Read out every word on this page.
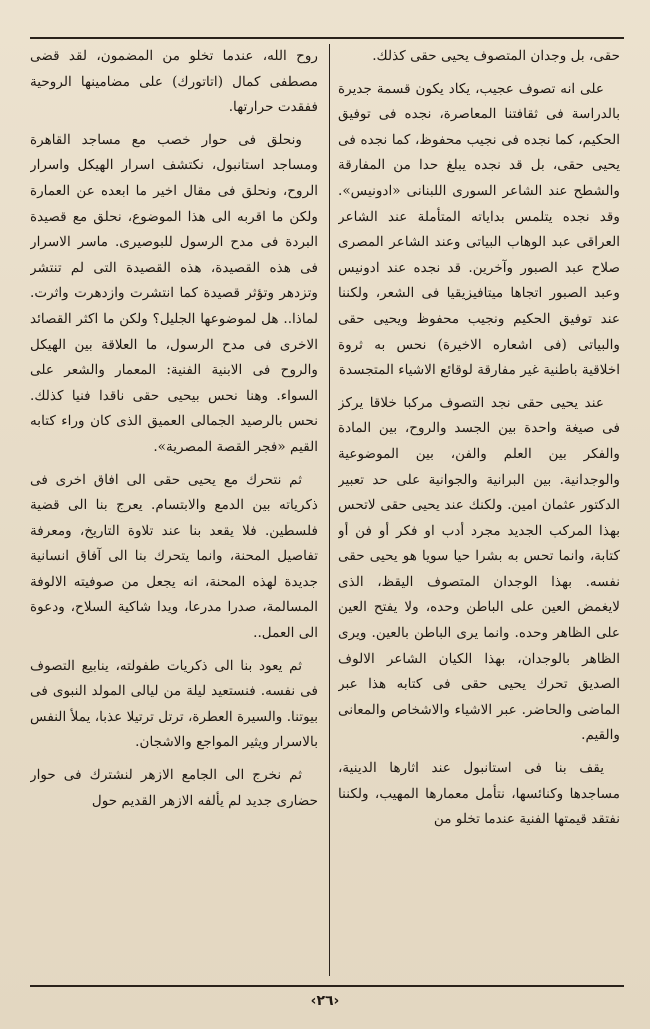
حقى، بل وجدان المتصوف يحيى حقى كذلك.

على انه تصوف عجيب، يكاد يكون قسمة جديرة بالدراسة فى ثقافتنا المعاصرة، نجده فى توفيق الحكيم، كما نجده فى نجيب محفوظ، كما نجده فى يحيى حقى، بل قد نجده يبلغ حدا من المفارقة والشطح عند الشاعر السورى اللبنانى «ادونيس». وقد نجده يتلمس بداياته المتأملة عند الشاعر العراقى عبد الوهاب البياتى وعند الشاعر المصرى صلاح عبد الصبور وآخرين. قد نجده عند ادونيس وعبد الصبور اتجاها ميتافيزيقيا فى الشعر، ولكننا عند توفيق الحكيم ونجيب محفوظ ويحيى حقى والبياتى (فى اشعاره الاخيرة) نحس به ثروة اخلاقية باطنية غير مفارقة لوقائع الاشياء المتجسدة

عند يحيى حقى نجد التصوف مركبا خلاقا يركز فى صيغة واحدة بين الجسد والروح، بين المادة والفكر بين العلم والفن، بين الموضوعية والوجدانية. بين البرانية والجوانية على حد تعبير الدكتور عثمان امين. ولكنك عند يحيى حقى لاتحس بهذا المركب الجديد مجرد أدب او فكر أو فن أو كتابة، وانما تحس به بشرا حيا سويا هو يحيى حقى نفسه. بهذا الوجدان المتصوف اليقظ، الذى لايغمض العين على الباطن وحده، ولا يفتح العين على الظاهر وحده. وانما يرى الباطن بالعين. ويرى الظاهر بالوجدان، بهذا الكيان الشاعر الالوف الصديق تحرك يحيى حقى فى كتابه هذا عبر الماضى والحاضر. عبر الاشياء والاشخاص والمعانى والقيم.

يقف بنا فى استانبول عند اثارها الدينية، مساجدها وكنائسها، نتأمل معمارها المهيب، ولكننا نفتقد قيمتها الفنية عندما تخلو من

روح الله، عندما تخلو من المضمون، لقد قضى مصطفى كمال (اتاتورك) على مضامينها الروحية ففقدت حرارتها.

ونحلق فى حوار خصب مع مساجد القاهرة ومساجد استانبول، نكتشف اسرار الهيكل واسرار الروح، ونحلق فى مقال اخير ما ابعده عن العمارة ولكن ما اقربه الى هذا الموضوع، نحلق مع قصيدة البردة فى مدح الرسول للبوصيرى. ماسر الاسرار فى هذه القصيدة، هذه القصيدة التى لم تنتشر وتزدهر وتؤثر قصيدة كما انتشرت وازدهرت واثرت. لماذا.. هل لموضوعها الجليل؟ ولكن ما اكثر القصائد الاخرى فى مدح الرسول، ما العلاقة بين الهيكل والروح فى الابنية الفنية: المعمار والشعر على السواء. وهنا نحس بيحيى حقى ناقدا فنيا كذلك. نحس بالرصيد الجمالى العميق الذى كان وراء كتابه القيم «فجر القصة المصرية».

ثم نتحرك مع يحيى حقى الى افاق اخرى فى ذكرياته بين الدمع والابتسام. يعرج بنا الى قضية فلسطين. فلا يقعد بنا عند تلاوة التاريخ، ومعرفة تفاصيل المحنة، وانما يتحرك بنا الى آفاق انسانية جديدة لهذه المحنة، انه يجعل من صوفيته الالوفة المسالمة، صدرا مدرعا، ويدا شاكية السلاح، ودعوة الى العمل..

ثم يعود بنا الى ذكريات طفولته، ينابيع التصوف فى نفسه. فنستعيد ليلة من ليالى المولد النبوى فى بيوتنا. والسيرة العطرة، ترتل ترتيلا عذبا، يملأ النفس بالاسرار ويثير المواجع والاشجان.

ثم نخرج الى الجامع الازهر لنشترك فى حوار حضارى جديد لم يألفه الازهر القديم حول

‹٢٦›
